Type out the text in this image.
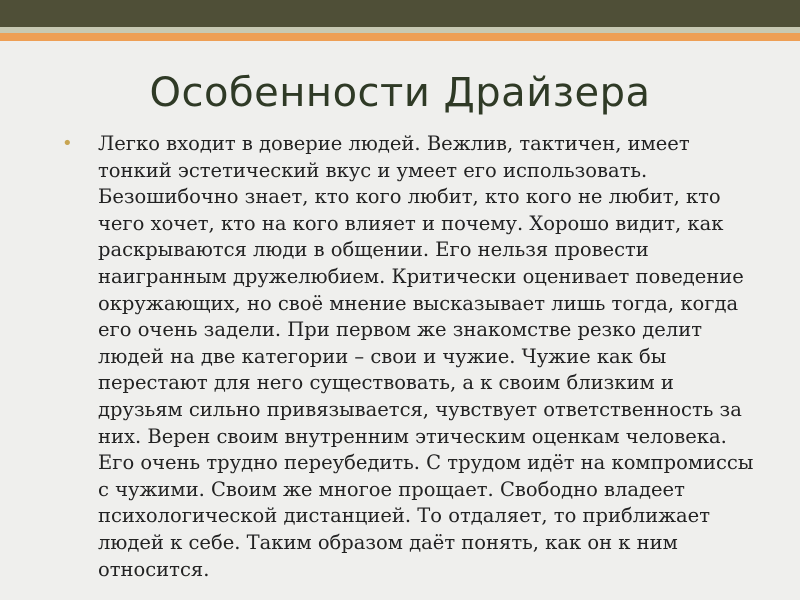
Особенности Драйзера
• Легко входит в доверие людей. Вежлив, тактичен, имеет тонкий эстетический вкус и умеет его использовать. Безошибочно знает, кто кого любит, кто кого не любит, кто чего хочет, кто на кого влияет и почему. Хорошо видит, как раскрываются люди в общении. Его нельзя провести наигранным дружелюбием. Критически оценивает поведение окружающих, но своё мнение высказывает лишь тогда, когда его очень задели. При первом же знакомстве резко делит людей на две категории – свои и чужие. Чужие как бы перестают для него существовать, а к своим близким и друзьям сильно привязывается, чувствует ответственность за них. Верен своим внутренним этическим оценкам человека. Его очень трудно переубедить. С трудом идёт на компромиссы с чужими. Своим же многое прощает. Свободно владеет психологической дистанцией. То отдаляет, то приближает людей к себе. Таким образом даёт понять, как он к ним относится.
